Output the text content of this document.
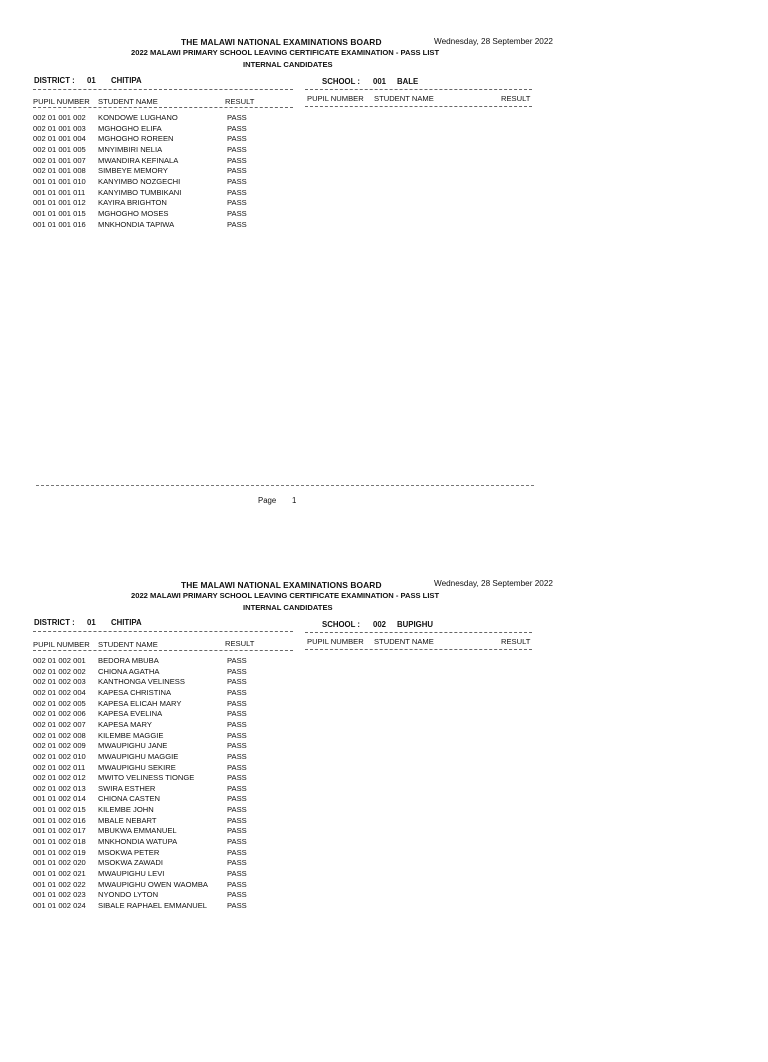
THE MALAWI NATIONAL EXAMINATIONS BOARD	Wednesday, 28 September 2022
2022 MALAWI PRIMARY SCHOOL LEAVING CERTIFICATE EXAMINATION - PASS LIST
INTERNAL CANDIDATES
DISTRICT : 01 CHITIPA	SCHOOL : 001 BALE
PUPIL NUMBER STUDENT NAME	RESULT	PUPIL NUMBER STUDENT NAME	RESULT
002 01 001 002 KONDOWE LUGHANO	PASS
002 01 001 003 MGHOGHO ELIFA	PASS
002 01 001 004 MGHOGHO ROREEN	PASS
002 01 001 005 MNYIMBIRI NELIA	PASS
002 01 001 007 MWANDIRA KEFINALA	PASS
002 01 001 008 SIMBEYE MEMORY	PASS
001 01 001 010 KANYIMBO NOZGECHI	PASS
001 01 001 011 KANYIMBO TUMBIKANI	PASS
001 01 001 012 KAYIRA BRIGHTON	PASS
001 01 001 015 MGHOGHO MOSES	PASS
001 01 001 016 MNKHONDIA TAPIWA	PASS
Page 1
THE MALAWI NATIONAL EXAMINATIONS BOARD	Wednesday, 28 September 2022
2022 MALAWI PRIMARY SCHOOL LEAVING CERTIFICATE EXAMINATION - PASS LIST
INTERNAL CANDIDATES
DISTRICT : 01 CHITIPA	SCHOOL : 002 BUPIGHU
PUPIL NUMBER STUDENT NAME	RESULT	PUPIL NUMBER STUDENT NAME	RESULT
002 01 002 001 BEDORA MBUBA	PASS
002 01 002 002 CHIONA AGATHA	PASS
002 01 002 003 KANTHONGA VELINESS	PASS
002 01 002 004 KAPESA CHRISTINA	PASS
002 01 002 005 KAPESA ELICAH MARY	PASS
002 01 002 006 KAPESA EVELINA	PASS
002 01 002 007 KAPESA MARY	PASS
002 01 002 008 KILEMBE MAGGIE	PASS
002 01 002 009 MWAUPIGHU JANE	PASS
002 01 002 010 MWAUPIGHU MAGGIE	PASS
002 01 002 011 MWAUPIGHU SEKIRE	PASS
002 01 002 012 MWITO VELINESS TIONGE	PASS
002 01 002 013 SWIRA ESTHER	PASS
001 01 002 014 CHIONA CASTEN	PASS
001 01 002 015 KILEMBE JOHN	PASS
001 01 002 016 MBALE NEBART	PASS
001 01 002 017 MBUKWA EMMANUEL	PASS
001 01 002 018 MNKHONDIA WATUPA	PASS
001 01 002 019 MSOKWA PETER	PASS
001 01 002 020 MSOKWA ZAWADI	PASS
001 01 002 021 MWAUPIGHU LEVI	PASS
001 01 002 022 MWAUPIGHU OWEN WAOMBA	PASS
001 01 002 023 NYONDO LYTON	PASS
001 01 002 024 SIBALE RAPHAEL EMMANUEL	PASS
